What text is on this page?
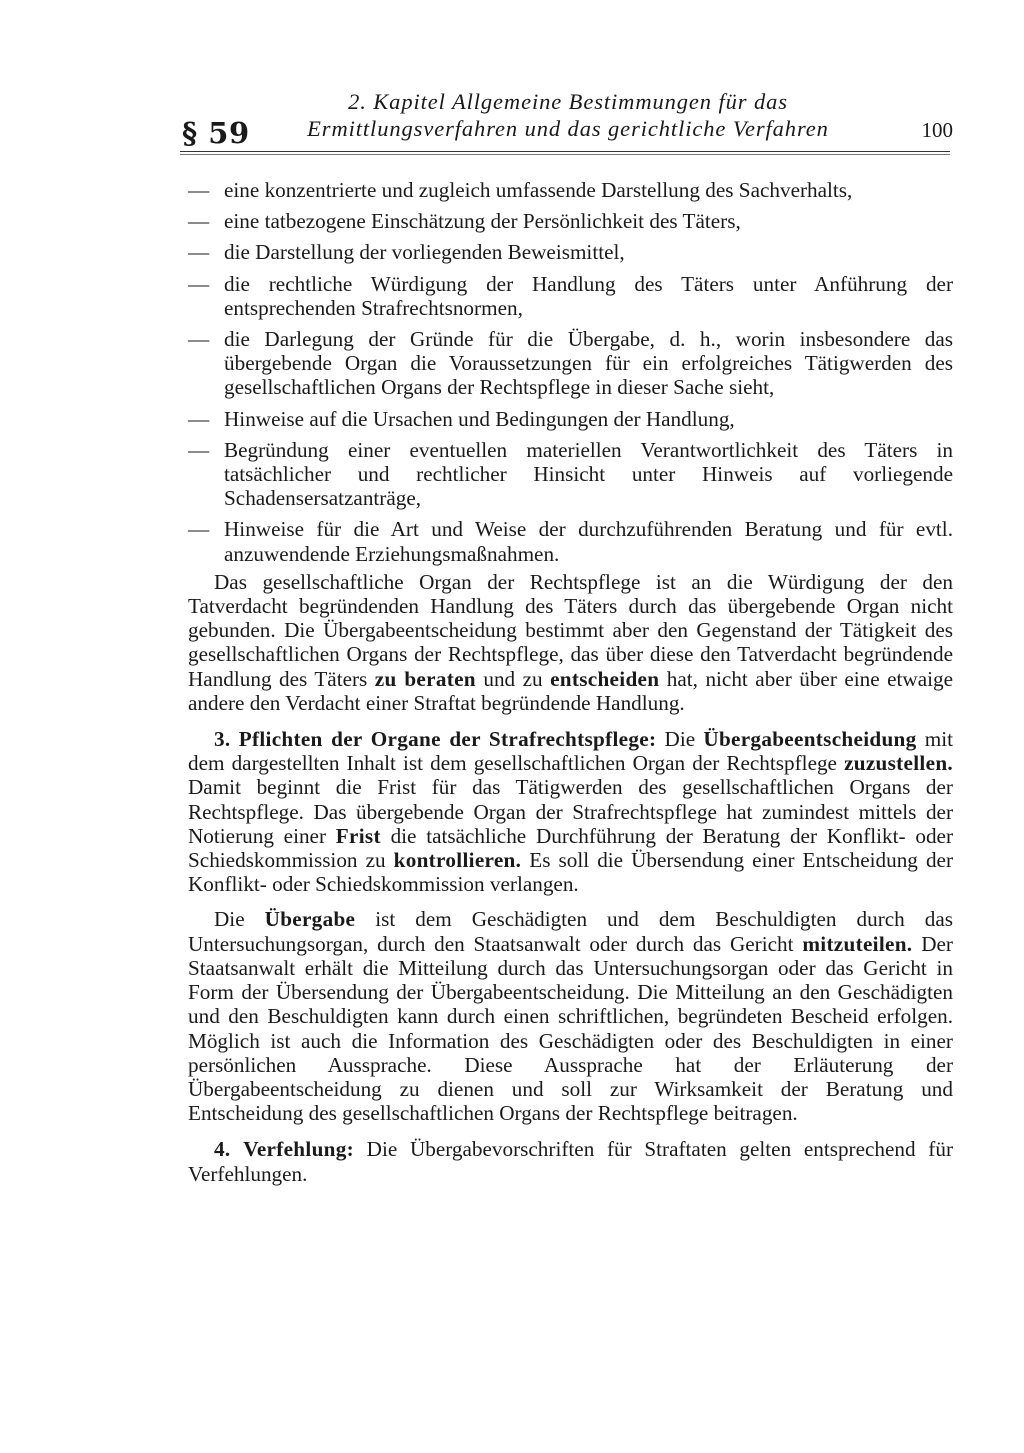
§ 59
2. Kapitel Allgemeine Bestimmungen für das
Ermittlungsverfahren und das gerichtliche Verfahren	100
— eine konzentrierte und zugleich umfassende Darstellung des Sachverhalts,
— eine tatbezogene Einschätzung der Persönlichkeit des Täters,
— die Darstellung der vorliegenden Beweismittel,
— die rechtliche Würdigung der Handlung des Täters unter Anführung der entsprechenden Strafrechtsnormen,
— die Darlegung der Gründe für die Übergabe, d. h., worin insbesondere das übergebende Organ die Voraussetzungen für ein erfolgreiches Tätigwerden des gesellschaftlichen Organs der Rechtspflege in dieser Sache sieht,
— Hinweise auf die Ursachen und Bedingungen der Handlung,
— Begründung einer eventuellen materiellen Verantwortlichkeit des Täters in tatsächlicher und rechtlicher Hinsicht unter Hinweis auf vorliegende Schadensersatzanträge,
— Hinweise für die Art und Weise der durchzuführenden Beratung und für evtl. anzuwendende Erziehungsmaßnahmen.

Das gesellschaftliche Organ der Rechtspflege ist an die Würdigung der den Tatverdacht begründenden Handlung des Täters durch das übergebende Organ nicht gebunden. Die Übergabeentscheidung bestimmt aber den Gegenstand der Tätigkeit des gesellschaftlichen Organs der Rechtspflege, das über diese den Tatverdacht begründende Handlung des Täters zu beraten und zu entscheiden hat, nicht aber über eine etwaige andere den Verdacht einer Straftat begründende Handlung.

3. Pflichten der Organe der Strafrechtspflege: Die Übergabeentscheidung mit dem dargestellten Inhalt ist dem gesellschaftlichen Organ der Rechtspflege zuzustellen. Damit beginnt die Frist für das Tätigwerden des gesellschaftlichen Organs der Rechtspflege. Das übergebende Organ der Strafrechtspflege hat zumindest mittels der Notierung einer Frist die tatsächliche Durchführung der Beratung der Konflikt- oder Schiedskommission zu kontrollieren. Es soll die Übersendung einer Entscheidung der Konflikt- oder Schiedskommission verlangen.

Die Übergabe ist dem Geschädigten und dem Beschuldigten durch das Untersuchungsorgan, durch den Staatsanwalt oder durch das Gericht mitzuteilen. Der Staatsanwalt erhält die Mitteilung durch das Untersuchungsorgan oder das Gericht in Form der Übersendung der Übergabeentscheidung. Die Mitteilung an den Geschädigten und den Beschuldigten kann durch einen schriftlichen, begründeten Bescheid erfolgen. Möglich ist auch die Information des Geschädigten oder des Beschuldigten in einer persönlichen Aussprache. Diese Aussprache hat der Erläuterung der Übergabeentscheidung zu dienen und soll zur Wirksamkeit der Beratung und Entscheidung des gesellschaftlichen Organs der Rechtspflege beitragen.

4. Verfehlung: Die Übergabevorschriften für Straftaten gelten entsprechend für Verfehlungen.
